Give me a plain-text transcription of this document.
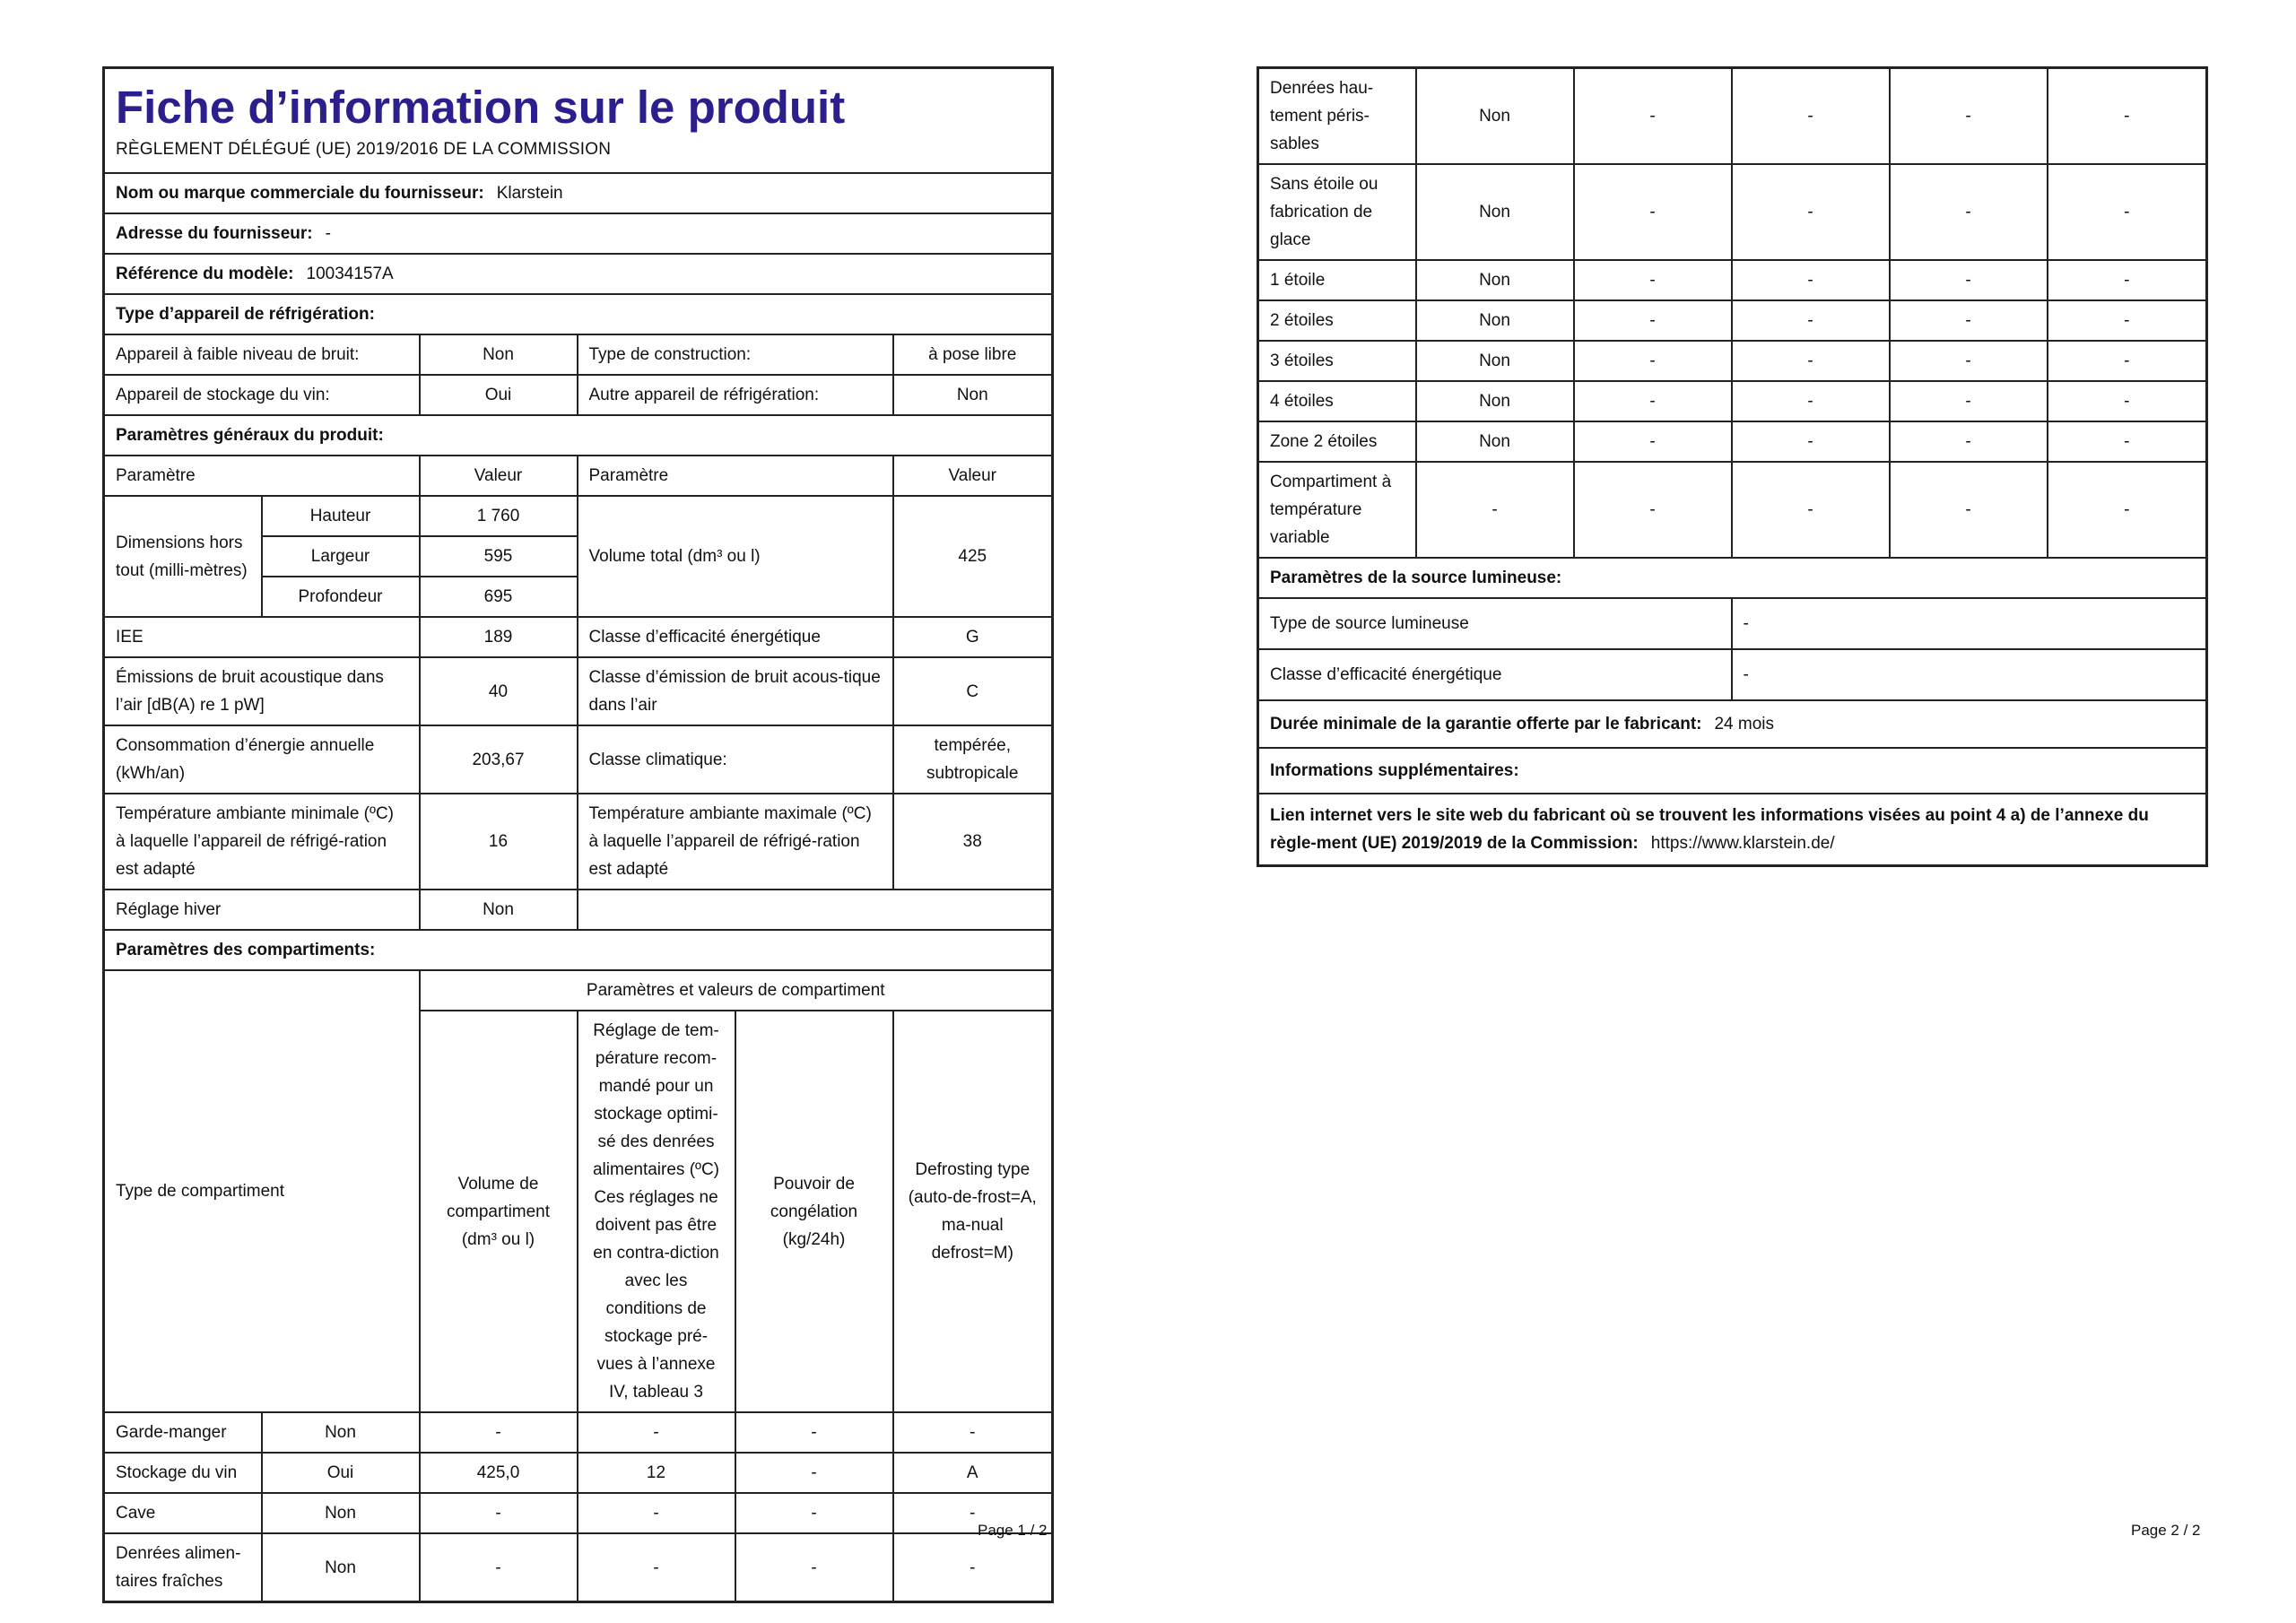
Fiche d’information sur le produit
RÈGLEMENT DÉLÉGUÉ (UE) 2019/2016 DE LA COMMISSION					

Nom ou marque commerciale du fournisseur: Klarstein					
Adresse du fournisseur: -					
Référence du modèle: 10034157A					
Type d’appareil de réfrigération:					
Appareil à faible niveau de bruit:		Non	Type de construction:		à pose libre
Appareil de stockage du vin:		Oui	Autre appareil de réfrigération:		Non
Paramètres généraux du produit:					
Paramètre		Valeur	Paramètre		Valeur
Dimensions hors tout (milli-mètres)	Hauteur	1 760	Volume total (dm³ ou l)		425
	Largeur	595			
	Profondeur	695			
IEE		189	Classe d’efficacité énergétique		G
Émissions de bruit acoustique dans l’air [dB(A) re 1 pW]		40	Classe d’émission de bruit acous-tique dans l’air		C
Consommation d’énergie annuelle (kWh/an)		203,67	Classe climatique:		tempérée, subtropicale
Température ambiante minimale (ºC) à laquelle l’appareil de réfrigé-ration est adapté		16	Température ambiante maximale (ºC) à laquelle l’appareil de réfrigé-ration est adapté		38
Réglage hiver		Non			
Paramètres des compartiments:					
Type de compartiment		Paramètres et valeurs de compartiment			
		Volume de compartiment (dm³ ou l)	Réglage de tem-pérature recom-mandé pour un stockage optimi-sé des denrées alimentaires (ºC) Ces réglages ne doivent pas être en contra-diction avec les conditions de stockage pré-vues à l’annexe IV, tableau 3	Pouvoir de congélation (kg/24h)	Defrosting type (auto-de-frost=A, ma-nual defrost=M)
Garde-manger	Non	-	-	-	-
Stockage du vin	Oui	425,0	12	-	A
Cave	Non	-	-	-	-
Denrées alimen-taires fraîches	Non	-	-	-	-
Page 1 / 2
Denrées hau-tement péris-sables	Non	-	-	-	-
Sans étoile ou fabrication de glace	Non	-	-	-	-
1 étoile	Non	-	-	-	-
2 étoiles	Non	-	-	-	-
3 étoiles	Non	-	-	-	-
4 étoiles	Non	-	-	-	-
Zone 2 étoiles	Non	-	-	-	-
Compartiment à température variable	-	-	-	-	-
Paramètres de la source lumineuse:					
Type de source lumineuse			-		
Classe d’efficacité énergétique			-		
Durée minimale de la garantie offerte par le fabricant: 24 mois					
Informations supplémentaires:					
Lien internet vers le site web du fabricant où se trouvent les informations visées au point 4 a) de l’annexe du règle-ment (UE) 2019/2019 de la Commission: https://www.klarstein.de/					
Page 2 / 2
